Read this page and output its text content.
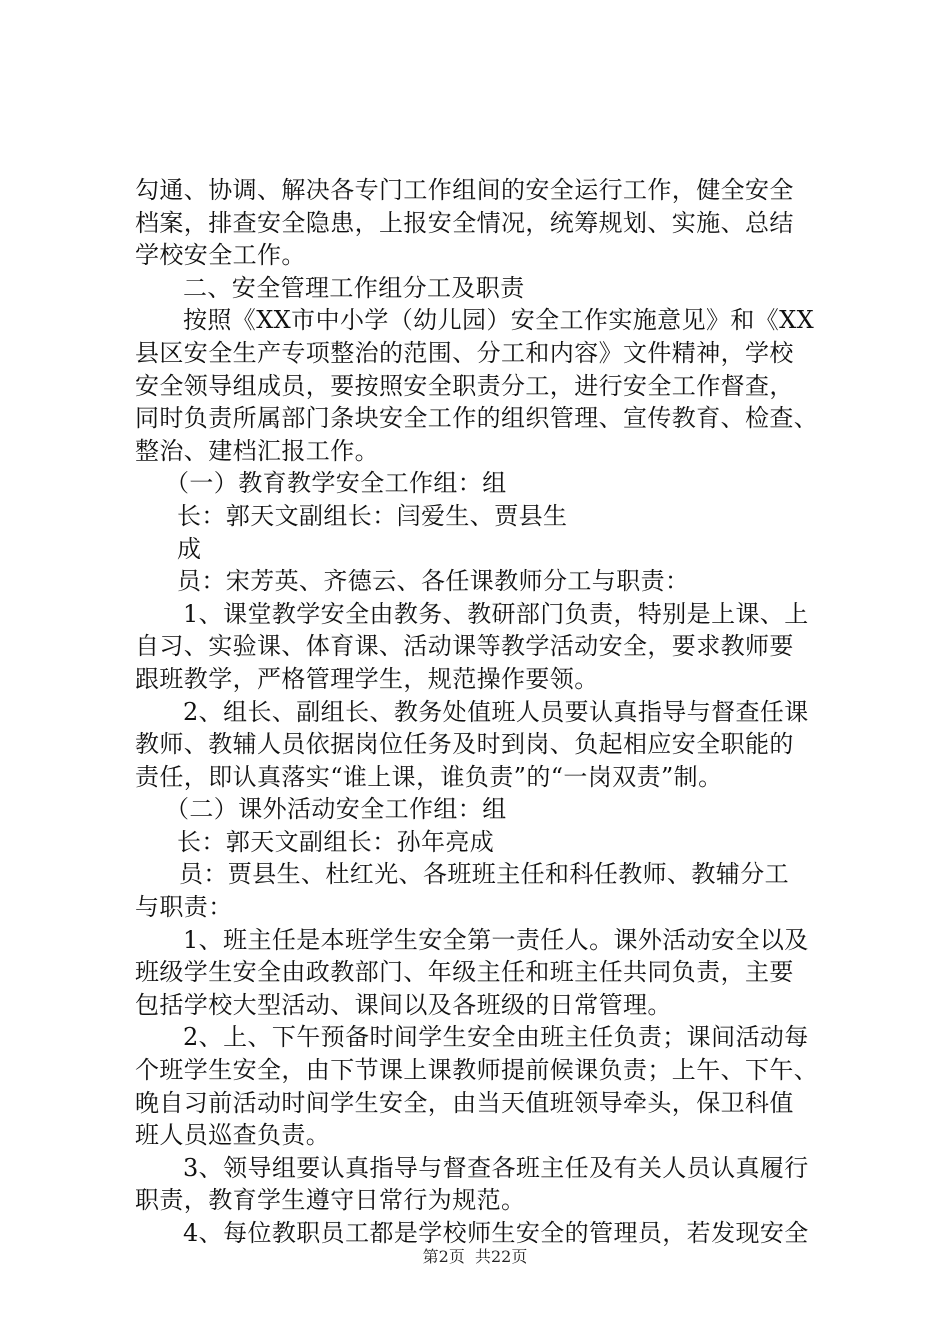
勾通、协调、解决各专门工作组间的安全运行工作，健全安全
档案，排查安全隐患，上报安全情况，统筹规划、实施、总结
学校安全工作。
二、安全管理工作组分工及职责
按照《XX市中小学（幼儿园）安全工作实施意见》和《XX
县区安全生产专项整治的范围、分工和内容》文件精神，学校
安全领导组成员，要按照安全职责分工，进行安全工作督查，
同时负责所属部门条块安全工作的组织管理、宣传教育、检查、
整治、建档汇报工作。
（一）教育教学安全工作组：组
长：郭天文副组长：闫爱生、贾县生
成
员：宋芳英、齐德云、各任课教师分工与职责：
1、课堂教学安全由教务、教研部门负责，特别是上课、上
自习、实验课、体育课、活动课等教学活动安全，要求教师要
跟班教学，严格管理学生，规范操作要领。
2、组长、副组长、教务处值班人员要认真指导与督查任课
教师、教辅人员依据岗位任务及时到岗、负起相应安全职能的
责任，即认真落实“谁上课，谁负责”的“一岗双责”制。
（二）课外活动安全工作组：组
长：郭天文副组长：孙年亮成
员：贾县生、杜红光、各班班主任和科任教师、教辅分工
与职责：
1、班主任是本班学生安全第一责任人。课外活动安全以及
班级学生安全由政教部门、年级主任和班主任共同负责，主要
包括学校大型活动、课间以及各班级的日常管理。
2、上、下午预备时间学生安全由班主任负责；课间活动每
个班学生安全，由下节课上课教师提前候课负责；上午、下午、
晚自习前活动时间学生安全，由当天值班领导牵头，保卫科值
班人员巡查负责。
3、领导组要认真指导与督查各班主任及有关人员认真履行
职责，教育学生遵守日常行为规范。
4、每位教职员工都是学校师生安全的管理员，若发现安全
第2页  共22页
